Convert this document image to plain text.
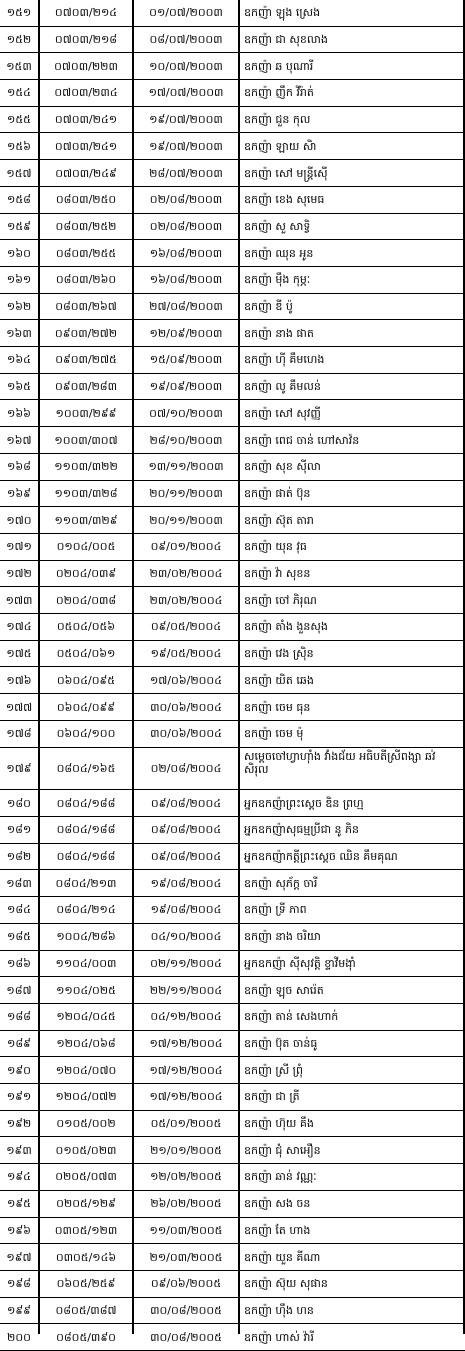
១៥១	០៧០៣/២១៤	០១/០៧/២០០៣	ឧកញ៉ា ឡុង ស្រេង
១៥២	០៧០៣/២១៨	០៨/០៧/២០០៣	ឧកញ៉ា ជា សុខលាង
១៥៣	០៧០៣/២២៣	១០/០៧/២០០៣	ឧកញ៉ា ឆ បុណារី
១៥៤	០៧០៣/២៣៤	១៧/០៧/២០០៣	ឧកញ៉ា ញឹក វីរ៉ាត់
១៥៥	០៧០៣/២៤១	១៩/០៧/២០០៣	ឧកញ៉ា ជួន កុល
១៥៦	០៧០៣/២៤១	១៩/០៧/២០០៣	ឧកញ៉ា ឡាយ សិា
១៥៧	០៧០៣/២៤៩	២៨/០៧/២០០៣	ឧកញ៉ា សៅ មន្ត្រីស៊ើ
១៥៨	០៨០៣/២៥០	០២/០៨/២០០៣	ឧកញ៉ា ខេង សុមេធ
១៥៩	០៨០៣/២៥២	០២/០៨/២០០៣	ឧកញ៉ា សួ សាទ្វិ
១៦០	០៨០៣/២៥៥	១៦/០៨/២០០៣	ឧកញ៉ា ឈុន អូន
១៦១	០៨០៣/២៦០	១៦/០៨/២០០៣	ឧកញ៉ា ម៉ឹង កុម្ភៈ
១៦២	០៨០៣/២៦៧	២៧/០៨/២០០៣	ឧកញ៉ា ឌី ប៉ូ
១៦៣	០៩០៣/២៧២	១២/០៩/២០០៣	ឧកញ៉ា នាង ផាត
១៦៤	០៩០៣/២៧៥	១៥/០៩/២០០៣	ឧកញ៉ា ហ៊ី គឹមហេង
១៦៥	០៩០៣/២៨៣	១៩/០៩/២០០៣	ឧកញ៉ា លូ គឹមលន់
១៦៦	១០០៣/២៩៩	០៧/១០/២០០៣	ឧកញ៉ា សៅ សុវញ្ញី
១៦៧	១០០៣/៣០៧	២៨/១០/២០០៣	ឧកញ៉ា ពេជ ចាន់ ហៅសាវ៉ន
១៦៨	១១០៣/៣២២	១៣/១១/២០០៣	ឧកញ៉ា សុខ ស៊ីលា
១៦៩	១១០៣/៣២៨	២០/១១/២០០៣	ឧកញ៉ា ផាត់ ប៊ុន
១៧០	១១០៣/៣២៩	២០/១១/២០០៣	ឧកញ៉ា ស៊ុត តារា
១៧១	០១០៤/០០៥	០៩/០១/២០០៤	ឧកញ៉ា យុន វុធ
១៧២	០២០៤/០៣៩	២៣/០២/២០០៤	ឧកញ៉ា វ៉ា សុខន
១៧៣	០២០៤/០៣៨	២៣/០២/២០០៤	ឧកញ៉ា ចៅ ភិរុណ
១៧៤	០៥០៤/០៥៦	០៩/០៥/២០០៤	ឧកញ៉ា តាំង ងួនសុង
១៧៥	០៥០៤/០៦១	១៩/០៥/២០០៤	ឧកញ៉ា វេង ស្រ៊ិន
១៧៦	០៦០៤/០៩៥	១៧/០៦/២០០៤	ឧកញ៉ា យិត ឆេង
១៧៧	០៦០៤/០៩៩	៣០/០៦/២០០៤	ឧកញ៉ា ចេម ធុន
១៧៨	០៦០៤/១០០	៣០/០៦/២០០៤	ឧកញ៉ា ចេម ម៉ុ
១៧៩	០៨០៤/១៦៥	០២/០៨/២០០៤
សម្តេចចៅហ្វាហ៊ាំង វាំងជ័យ អធិបតីស្រីពង្សា ឆវ់ សិរុល
១៨០	០៨០៤/១៨៨	០៩/០៨/២០០៤	អ្នកឧកញ៉ាព្រះស្តេច ឌិន ព្រហ្ម
១៨១	០៨០៤/១៨៨	០៩/០៨/២០០៤	អ្នកឧកញ៉ាសុធម្មប្រីជា នូ ភិន
១៨២	០៨០៤/១៨៨	០៩/០៨/២០០៤	អ្នកឧកញ៉ាកត្តីព្រះស្តេច ឈិន គឹមគុណ
១៨៣	០៨០៤/២១៣	១៩/០៨/២០០៤	ឧកញ៉ា សុភ័ក្ត ចារី
១៨៤	០៨០៤/២១៤	១៩/០៨/២០០៤	ឧកញ៉ា ទ្រី ភាព
១៨៥	១០០៤/២៨៦	០៤/១០/២០០៤	ឧកញ៉ា នាង ចរិយា
១៨៦	១១០៤/០០៣	០២/១១/២០០៤	អ្នកឧកញ៉ា ស៊ីសុវត្តិ ខ្ទាវីមង៉ាំ
១៨៧	១១០៤/០២៥	២២/១១/២០០៤	ឧកញ៉ា ឡុច សារ៉េត
១៨៨	១២០៤/០៤៥	០៤/១២/២០០៤	ឧកញ៉ា តាន់ សេងហាក់
១៨៩	១២០៤/០៦៨	១៧/១២/២០០៤	ឧកញ៉ា ប៊ុត ចាន់ធូ
១៩០	១២០៤/០៧០	១៧/១២/២០០៤	ឧកញ៉ា ស្រី ព្រុំ
១៩១	១២០៤/០៧២	១៧/១២/២០០៤	ឧកញ៉ា ជា ត្រី
១៩២	០១០៥/០០២	០៥/០១/២០០៥	ឧកញ៉ា ហ៊ុយ គឹង
១៩៣	០១០៥/០២៣	២១/០១/២០០៥	ឧកញ៉ា ជុំ សាអឿន
១៩៤	០២០៥/០៧៣	១២/០២/២០០៥	ឧកញ៉ា ឆាន់ វណ្ណៈ
១៩៥	០២០៥/១២៩	២៦/០២/២០០៥	ឧកញ៉ា សង ចន
១៩៦	០៣០៥/១២៣	១១/០៣/២០០៥	ឧកញ៉ា តែ ហាង
១៩៧	០៣០៥/១៤៦	២១/០៣/២០០៥	ឧកញ៉ា យួន គីណា
១៩៨	០៦០៥/២៥៩	០៩/០៦/២០០៥	ឧកញ៉ា ស៊ុយ សុផាន
១៩៩	០៨០៥/៣៨៧	៣០/០៨/២០០៥	ឧកញ៉ា ហ៊ឹង ហន
២០០	០៨០៥/៣៩០	៣០/០៨/២០០៥	ឧកញ៉ា ហាស់ វ៉ារី
